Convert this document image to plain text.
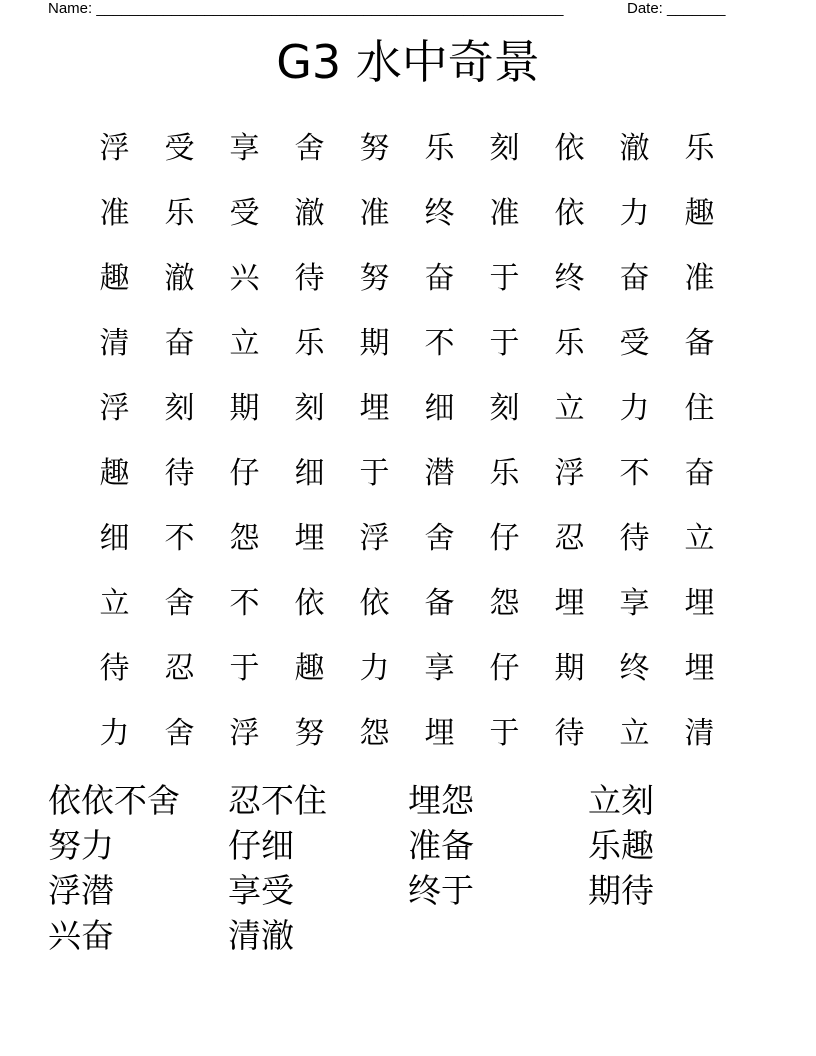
Name: ________________________________________________________	Date: _______
G3 水中奇景
浮	受	享	舍	努	乐	刻	依	澈	乐
准	乐	受	澈	准	终	准	依	力	趣
趣	澈	兴	待	努	奋	于	终	奋	准
清	奋	立	乐	期	不	于	乐	受	备
浮	刻	期	刻	埋	细	刻	立	力	住
趣	待	仔	细	于	潜	乐	浮	不	奋
细	不	怨	埋	浮	舍	仔	忍	待	立
立	舍	不	依	依	备	怨	埋	享	埋
待	忍	于	趣	力	享	仔	期	终	埋
力	舍	浮	努	怨	埋	于	待	立	清
依依不舍	忍不住	埋怨	立刻
努力	仔细	准备	乐趣
浮潜	享受	终于	期待
兴奋	清澈
